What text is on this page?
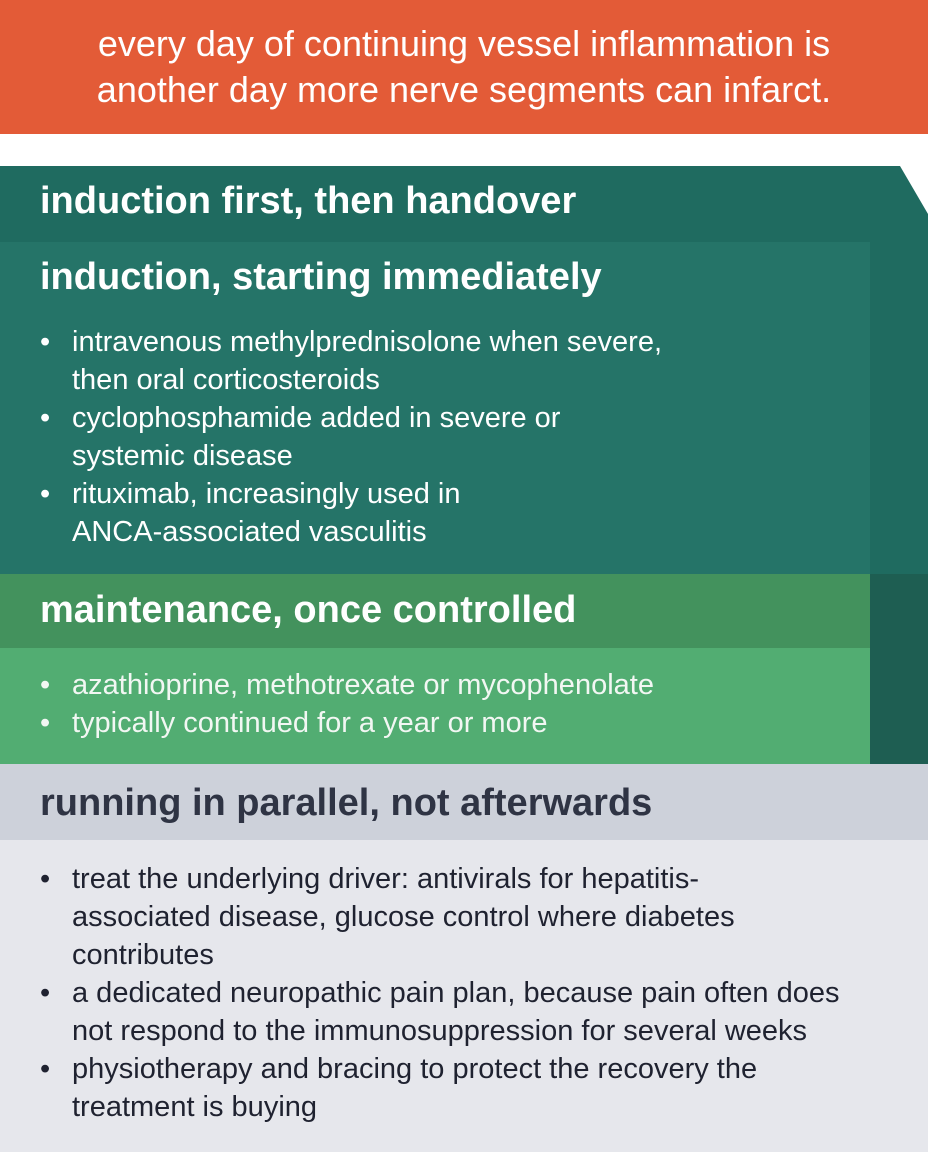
every day of continuing vessel inflammation is
another day more nerve segments can infarct.
induction first, then handover
induction, starting immediately
• intravenous methylprednisolone when severe,
then oral corticosteroids
• cyclophosphamide added in severe or
systemic disease
• rituximab, increasingly used in
ANCA-associated vasculitis
maintenance, once controlled
• azathioprine, methotrexate or mycophenolate
• typically continued for a year or more
running in parallel, not afterwards
• treat the underlying driver: antivirals for hepatitis-
associated disease, glucose control where diabetes
contributes
• a dedicated neuropathic pain plan, because pain often does
not respond to the immunosuppression for several weeks
• physiotherapy and bracing to protect the recovery the
treatment is buying
